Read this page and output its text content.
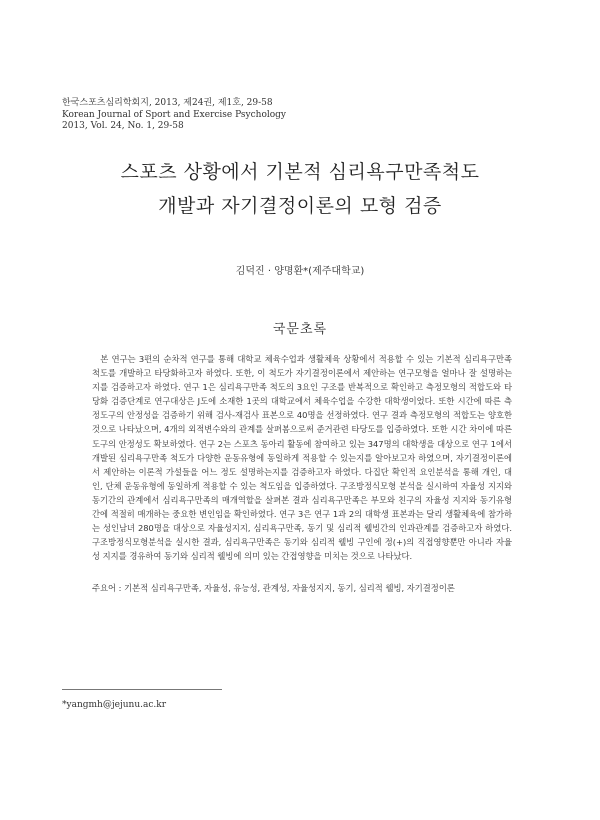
한국스포츠심리학회지, 2013, 제24권, 제1호, 29-58
Korean Journal of Sport and Exercise Psychology
2013, Vol. 24, No. 1, 29-58
스포츠 상황에서 기본적 심리욕구만족척도
개발과 자기결정이론의 모형 검증
김덕진 · 양명환*(제주대학교)
국문초록

본 연구는 3편의 순차적 연구를 통해 대학교 체육수업과 생활체육 상황에서 적용할 수 있는 기본적 심리욕구만족 척도를 개발하고 타당화하고자 하였다. 또한, 이 척도가 자기결정이론에서 제안하는 연구모형을 얼마나 잘 설명하는지를 검증하고자 하였다. 연구 1은 심리욕구만족 척도의 3요인 구조를 반복적으로 확인하고 측정모형의 적합도와 타당화 검증단계로 연구대상은 J도에 소재한 1곳의 대학교에서 체육수업을 수강한 대학생이었다. 또한 시간에 따른 측정도구의 안정성을 검증하기 위해 검사-재검사 표본으로 40명을 선정하였다. 연구 결과 측정모형의 적합도는 양호한 것으로 나타났으며, 4개의 외적변수와의 관계를 살펴봄으로써 준거관련 타당도를 입증하였다. 또한 시간 차이에 따른 도구의 안정성도 확보하였다. 연구 2는 스포츠 동아리 활동에 참여하고 있는 347명의 대학생을 대상으로 연구 1에서 개발된 심리욕구만족 척도가 다양한 운동유형에 동일하게 적용할 수 있는지를 알아보고자 하였으며, 자기결정이론에서 제안하는 이론적 가설들을 어느 정도 설명하는지를 검증하고자 하였다. 다집단 확인적 요인분석을 통해 개인, 대인, 단체 운동유형에 동일하게 적용할 수 있는 척도임을 입증하였다. 구조방정식모형 분석을 실시하여 자율성 지지와 동기간의 관계에서 심리욕구만족의 매개역할을 살펴본 결과 심리욕구만족은 부모와 친구의 자율성 지지와 동기유형간에 적절히 매개하는 중요한 변인임을 확인하였다. 연구 3은 연구 1과 2의 대학생 표본과는 달리 생활체육에 참가하는 성인남녀 280명을 대상으로 자율성지지, 심리욕구만족, 동기 및 심리적 웰빙간의 인과관계를 검증하고자 하였다. 구조방정식모형분석을 실시한 결과, 심리욕구만족은 동기와 심리적 웰빙 구인에 정(+)의 직접영향뿐만 아니라 자율성 지지를 경유하여 동기와 심리적 웰빙에 의미 있는 간접영향을 미치는 것으로 나타났다.

주요어 : 기본적 심리욕구만족, 자율성, 유능성, 관계성, 자율성지지, 동기, 심리적 웰빙, 자기결정이론
*yangmh@jejunu.ac.kr
